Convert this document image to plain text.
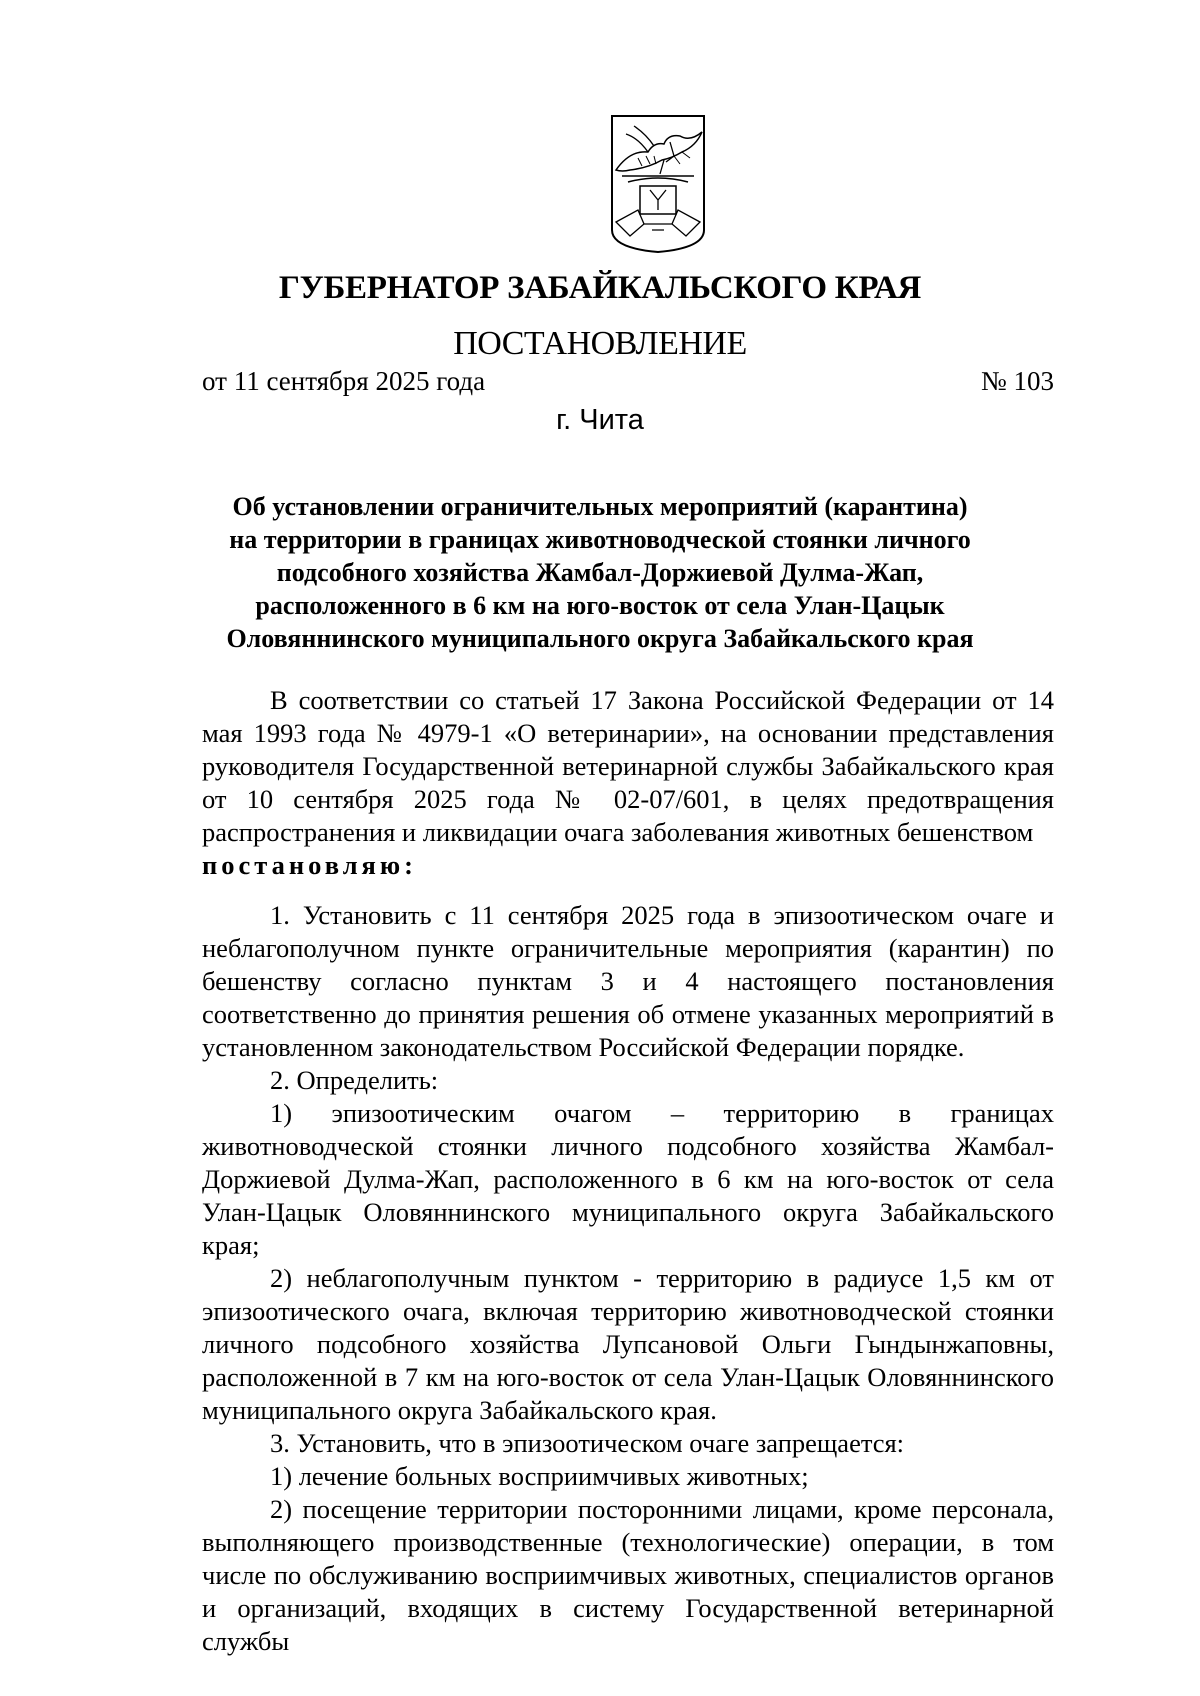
ГУБЕРНАТОР ЗАБАЙКАЛЬСКОГО КРАЯ
ПОСТАНОВЛЕНИЕ
от 11 сентября 2025 года	№ 103
г. Чита
Об установлении ограничительных мероприятий (карантина)
на территории в границах животноводческой стоянки личного
подсобного хозяйства Жамбал-Доржиевой Дулма-Жап,
расположенного в 6 км на юго-восток от села Улан-Цацык
Оловяннинского муниципального округа Забайкальского края

В соответствии со статьей 17 Закона Российской Федерации от 14 мая 1993 года № 4979-1 «О ветеринарии», на основании представления руководителя Государственной ветеринарной службы Забайкальского края от 10 сентября 2025 года № 02-07/601, в целях предотвращения распространения и ликвидации очага заболевания животных бешенством

постановляю:

1. Установить с 11 сентября 2025 года в эпизоотическом очаге и неблагополучном пункте ограничительные мероприятия (карантин) по бешенству согласно пунктам 3 и 4 настоящего постановления соответственно до принятия решения об отмене указанных мероприятий в установленном законодательством Российской Федерации порядке.

2. Определить:

1) эпизоотическим очагом – территорию в границах животноводческой стоянки личного подсобного хозяйства Жамбал-Доржиевой Дулма-Жап, расположенного в 6 км на юго-восток от села Улан-Цацык Оловяннинского муниципального округа Забайкальского края;

2) неблагополучным пунктом - территорию в радиусе 1,5 км от эпизоотического очага, включая территорию животноводческой стоянки личного подсобного хозяйства Лупсановой Ольги Гындынжаповны, расположенной в 7 км на юго-восток от села Улан-Цацык Оловяннинского муниципального округа Забайкальского края.

3. Установить, что в эпизоотическом очаге запрещается:

1) лечение больных восприимчивых животных;

2) посещение территории посторонними лицами, кроме персонала, выполняющего производственные (технологические) операции, в том числе по обслуживанию восприимчивых животных, специалистов органов и организаций, входящих в систему Государственной ветеринарной службы
